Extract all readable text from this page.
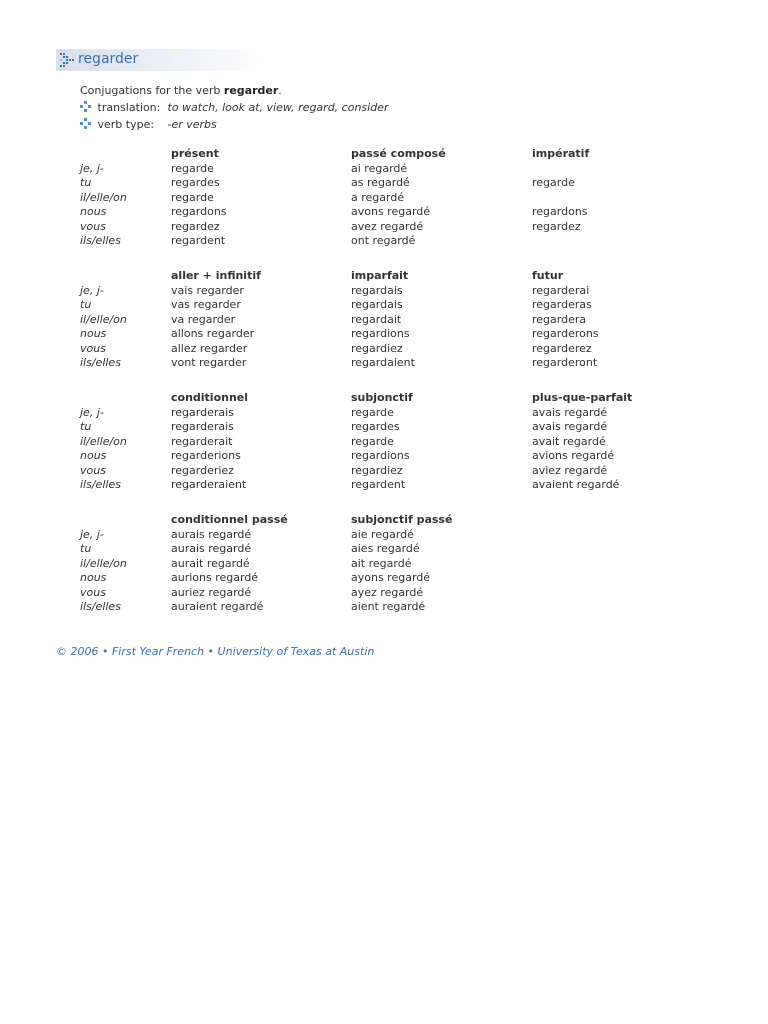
regarder
Conjugations for the verb regarder.
translation: to watch, look at, view, regard, consider
verb type: -er verbs

je, j-
tu
il/elle/on
nous
vous
ils/elles
présent
regarde
regardes
regarde
regardons
regardez
regardent
passé composé
ai regardé
as regardé
a regardé
avons regardé
avez regardé
ont regardé
impératif
regarde
regardons
regardez

je, j-
tu
il/elle/on
nous
vous
ils/elles
aller + infinitif
vais regarder
vas regarder
va regarder
allons regarder
allez regarder
vont regarder
imparfait
regardais
regardais
regardait
regardions
regardiez
regardaient
futur
regarderai
regarderas
regardera
regarderons
regarderez
regarderont

je, j-
tu
il/elle/on
nous
vous
ils/elles
conditionnel
regarderais
regarderais
regarderait
regarderions
regarderiez
regarderaient
subjonctif
regarde
regardes
regarde
regardions
regardiez
regardent
plus-que-parfait
avais regardé
avais regardé
avait regardé
avions regardé
aviez regardé
avaient regardé

je, j-
tu
il/elle/on
nous
vous
ils/elles
conditionnel passé
aurais regardé
aurais regardé
aurait regardé
aurions regardé
auriez regardé
auraient regardé
subjonctif passé
aie regardé
aies regardé
ait regardé
ayons regardé
ayez regardé
aient regardé
© 2006 • First Year French • University of Texas at Austin
